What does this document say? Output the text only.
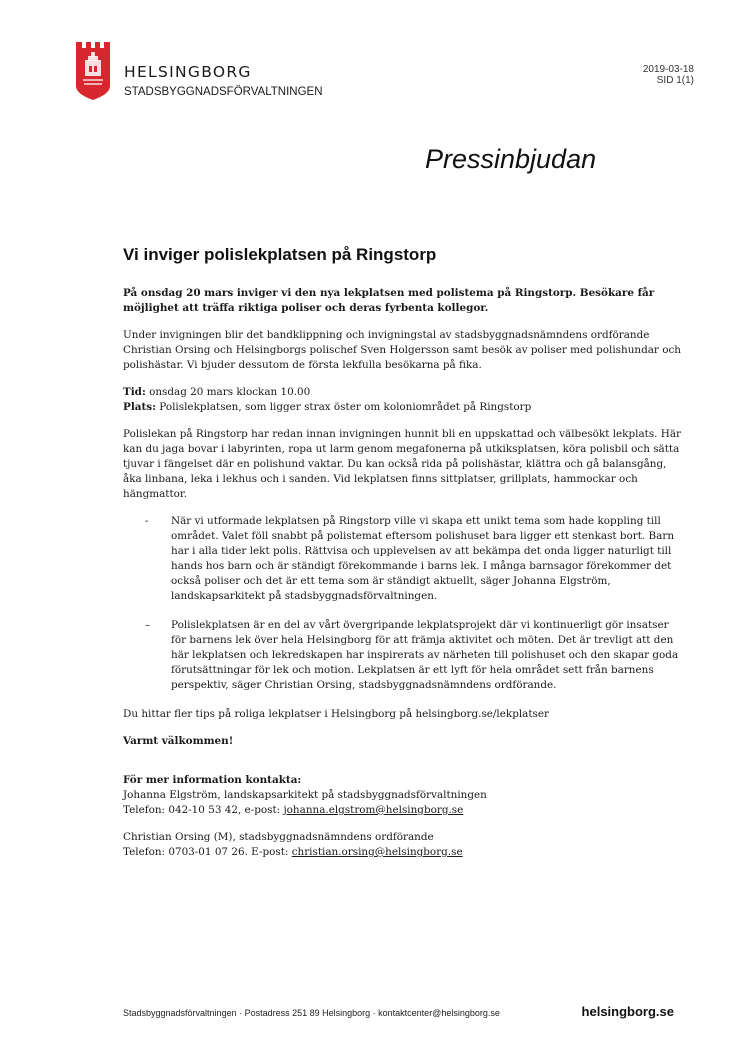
HELSINGBORG
STADSBYGGNADSFÖRVALTNINGEN
2019-03-18
SID 1(1)
Pressinbjudan
Vi inviger polislekplatsen på Ringstorp

På onsdag 20 mars inviger vi den nya lekplatsen med polistema på Ringstorp. Besökare får möjlighet att träffa riktiga poliser och deras fyrbenta kollegor.

Under invigningen blir det bandklippning och invigningstal av stadsbyggnadsnämndens ordförande Christian Orsing och Helsingborgs polischef Sven Holgersson samt besök av poliser med polishundar och polishästar. Vi bjuder dessutom de första lekfulla besökarna på fika.

Tid: onsdag 20 mars klockan 10.00
Plats: Polislekplatsen, som ligger strax öster om koloniområdet på Ringstorp

Polislekan på Ringstorp har redan innan invigningen hunnit bli en uppskattad och välbesökt lekplats. Här kan du jaga bovar i labyrinten, ropa ut larm genom megafonerna på utkiksplatsen, köra polisbil och sätta tjuvar i fängelset där en polishund vaktar. Du kan också rida på polishästar, klättra och gå balansgång, åka linbana, leka i lekhus och i sanden. Vid lekplatsen finns sittplatser, grillplats, hammockar och hängmattor.

-	När vi utformade lekplatsen på Ringstorp ville vi skapa ett unikt tema som hade koppling till området. Valet föll snabbt på polistemat eftersom polishuset bara ligger ett stenkast bort. Barn har i alla tider lekt polis. Rättvisa och upplevelsen av att bekämpa det onda ligger naturligt till hands hos barn och är ständigt förekommande i barns lek. I många barnsagor förekommer det också poliser och det är ett tema som är ständigt aktuellt, säger Johanna Elgström, landskapsarkitekt på stadsbyggnadsförvaltningen.
–	Polislekplatsen är en del av vårt övergripande lekplatsprojekt där vi kontinuerligt gör insatser för barnens lek över hela Helsingborg för att främja aktivitet och möten. Det är trevligt att den här lekplatsen och lekredskapen har inspirerats av närheten till polishuset och den skapar goda förutsättningar för lek och motion. Lekplatsen är ett lyft för hela området sett från barnens perspektiv, säger Christian Orsing, stadsbyggnadsnämndens ordförande.

Du hittar fler tips på roliga lekplatser i Helsingborg på helsingborg.se/lekplatser

Varmt välkommen!

För mer information kontakta:
Johanna Elgström, landskapsarkitekt på stadsbyggnadsförvaltningen
Telefon: 042-10 53 42, e-post: johanna.elgstrom@helsingborg.se

Christian Orsing (M), stadsbyggnadsnämndens ordförande
Telefon: 0703-01 07 26. E-post: christian.orsing@helsingborg.se

Stadsbyggnadsförvaltningen · Postadress 251 89 Helsingborg · kontaktcenter@helsingborg.se	helsingborg.se
